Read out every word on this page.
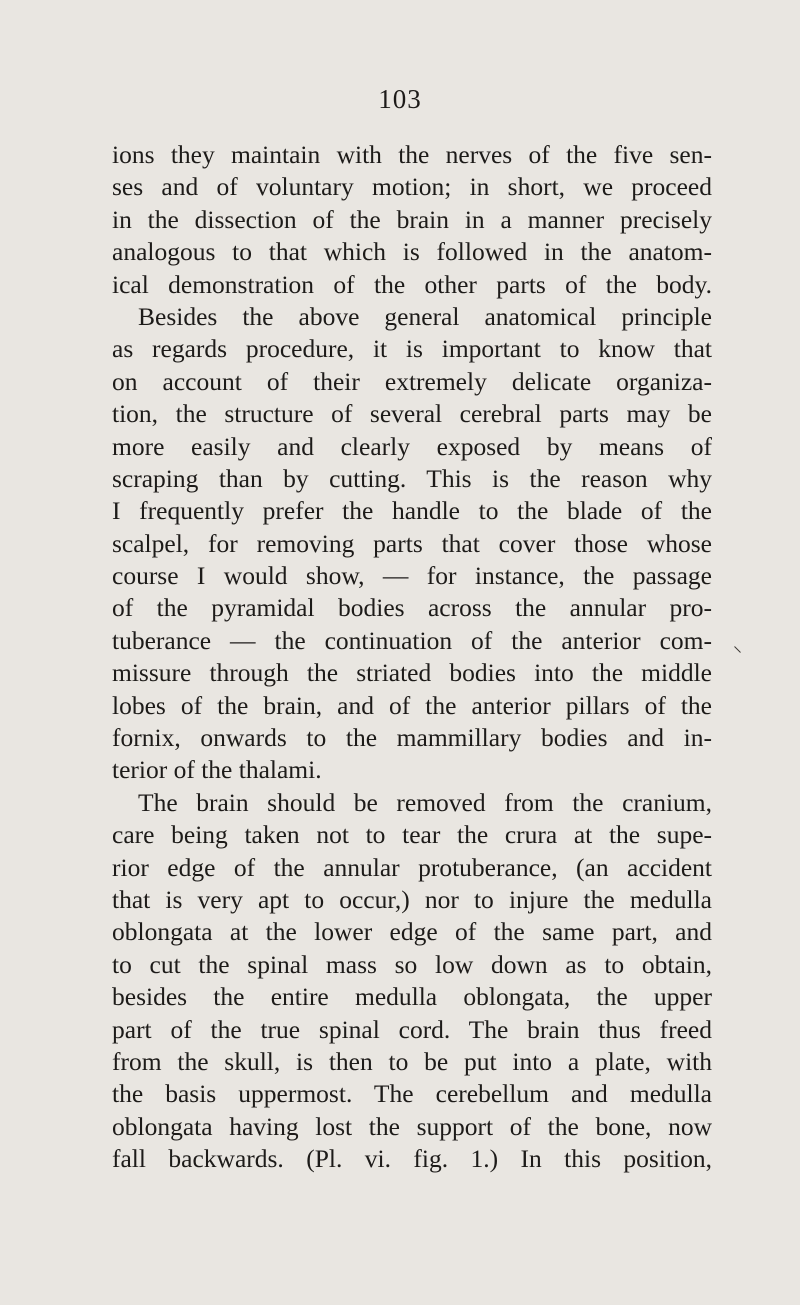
103
ions they maintain with the nerves of the five sen-
ses and of voluntary motion; in short, we proceed
in the dissection of the brain in a manner precisely
analogous to that which is followed in the anatom-
ical demonstration of the other parts of the body.
Besides the above general anatomical principle
as regards procedure, it is important to know that
on account of their extremely delicate organiza-
tion, the structure of several cerebral parts may be
more easily and clearly exposed by means of
scraping than by cutting. This is the reason why
I frequently prefer the handle to the blade of the
scalpel, for removing parts that cover those whose
course I would show, — for instance, the passage
of the pyramidal bodies across the annular pro-
tuberance — the continuation of the anterior com-
missure through the striated bodies into the middle
lobes of the brain, and of the anterior pillars of the
fornix, onwards to the mammillary bodies and in-
terior of the thalami.
The brain should be removed from the cranium,
care being taken not to tear the crura at the supe-
rior edge of the annular protuberance, (an accident
that is very apt to occur,) nor to injure the medulla
oblongata at the lower edge of the same part, and
to cut the spinal mass so low down as to obtain,
besides the entire medulla oblongata, the upper
part of the true spinal cord. The brain thus freed
from the skull, is then to be put into a plate, with
the basis uppermost. The cerebellum and medulla
oblongata having lost the support of the bone, now
fall backwards. (Pl. vi. fig. 1.) In this position,
